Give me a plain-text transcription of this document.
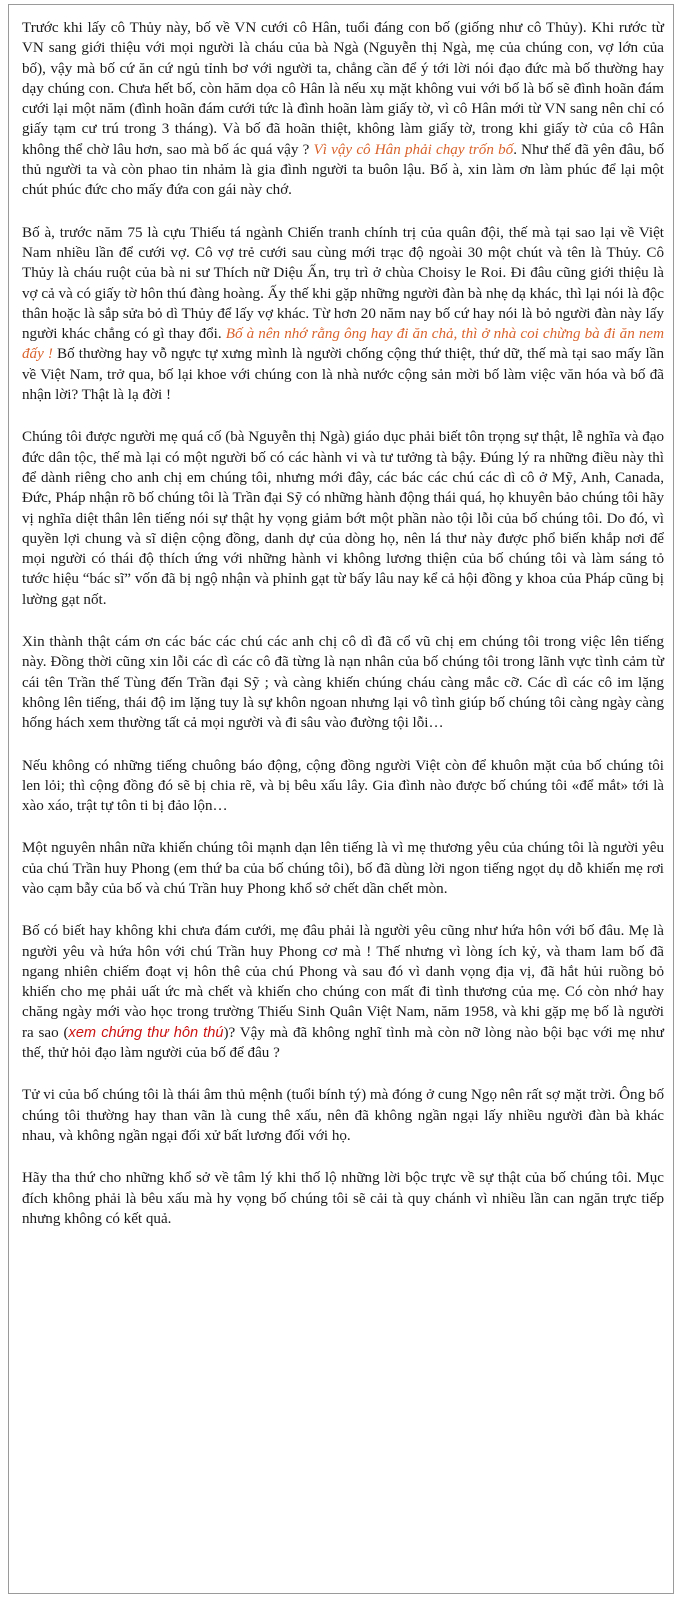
Trước khi lấy cô Thủy này, bố về VN cưới cô Hân, tuổi đáng con bố (giống như cô Thủy). Khi rước từ VN sang giới thiệu với mọi người là cháu của bà Ngà (Nguyễn thị Ngà, mẹ của chúng con, vợ lớn của bố), vậy mà bố cứ ăn cứ ngủ tỉnh bơ với người ta, chẳng cần để ý tới lời nói đạo đức mà bố thường hay dạy chúng con. Chưa hết bố, còn hăm dọa cô Hân là nếu xụ mặt không vui với bố là bố sẽ đình hoãn đám cưới lại một năm (đình hoãn đám cưới tức là đình hoãn làm giấy tờ, vì cô Hân mới từ VN sang nên chỉ có giấy tạm cư trú trong 3 tháng). Và bố đã hoãn thiệt, không làm giấy tờ, trong khi giấy tờ của cô Hân không thể chờ lâu hơn, sao mà bố ác quá vậy ? Vì vậy cô Hân phải chạy trốn bố. Như thế đã yên đâu, bố thủ người ta và còn phao tin nhảm là gia đình người ta buôn lậu. Bố à, xin làm ơn làm phúc để lại một chút phúc đức cho mấy đứa con gái này chớ.

Bố à, trước năm 75 là cựu Thiếu tá ngành Chiến tranh chính trị của quân đội, thế mà tại sao lại về Việt Nam nhiều lần để cưới vợ. Cô vợ trẻ cưới sau cùng mới trạc độ ngoài 30 một chút và tên là Thủy. Cô Thủy là cháu ruột của bà ni sư Thích nữ Diệu Ấn, trụ trì ở chùa Choisy le Roi. Đi đâu cũng giới thiệu là vợ cả và có giấy tờ hôn thú đàng hoàng. Ấy thế khi gặp những người đàn bà nhẹ dạ khác, thì lại nói là độc thân hoặc là sắp sửa bỏ dì Thủy để lấy vợ khác. Từ hơn 20 năm nay bố cứ hay nói là bỏ người đàn này lấy người khác chẳng có gì thay đổi. Bố à nên nhớ rằng ông hay đi ăn chả, thì ở nhà coi chừng bà đi ăn nem đấy ! Bố thường hay vỗ ngực tự xưng mình là người chống cộng thứ thiệt, thứ dữ, thế mà tại sao mấy lần về Việt Nam, trở qua, bố lại khoe với chúng con là nhà nước cộng sản mời bố làm việc văn hóa và bố đã nhận lời? Thật là lạ đời !

Chúng tôi được người mẹ quá cố (bà Nguyễn thị Ngà) giáo dục phải biết tôn trọng sự thật, lễ nghĩa và đạo đức dân tộc, thế mà lại có một người bố có các hành vi và tư tưởng tà bậy. Đúng lý ra những điều này thì để dành riêng cho anh chị em chúng tôi, nhưng mới đây, các bác các chú các dì cô ở Mỹ, Anh, Canada, Đức, Pháp nhận rõ bố chúng tôi là Trần đại Sỹ có những hành động thái quá, họ khuyên bảo chúng tôi hãy vị nghĩa diệt thân lên tiếng nói sự thật hy vọng giảm bớt một phần nào tội lỗi của bố chúng tôi. Do đó, vì quyền lợi chung và sĩ diện cộng đồng, danh dự của dòng họ, nên lá thư này được phổ biến khắp nơi để mọi người có thái độ thích ứng với những hành vi không lương thiện của bố chúng tôi và làm sáng tỏ tước hiệu “bác sĩ” vốn đã bị ngộ nhận và phỉnh gạt từ bấy lâu nay kể cả hội đồng y khoa của Pháp cũng bị lường gạt nốt.

Xin thành thật cám ơn các bác các chú các anh chị cô dì đã cổ vũ chị em chúng tôi trong việc lên tiếng này. Đồng thời cũng xin lỗi các dì các cô đã từng là nạn nhân của bố chúng tôi trong lãnh vực tình cảm từ cái tên Trần thế Tùng đến Trần đại Sỹ ; và càng khiến chúng cháu càng mắc cỡ. Các dì các cô im lặng không lên tiếng, thái độ im lặng tuy là sự khôn ngoan nhưng lại vô tình giúp bố chúng tôi càng ngày càng hống hách xem thường tất cả mọi người và đi sâu vào đường tội lỗi…

Nếu không có những tiếng chuông báo động, cộng đồng người Việt còn để khuôn mặt của bố chúng tôi len lỏi; thì cộng đồng đó sẽ bị chia rẽ, và bị bêu xấu lây. Gia đình nào được bố chúng tôi «để mắt» tới là xào xáo, trật tự tôn ti bị đảo lộn…

Một nguyên nhân nữa khiến chúng tôi mạnh dạn lên tiếng là vì mẹ thương yêu của chúng tôi là người yêu của chú Trần huy Phong (em thứ ba của bố chúng tôi), bố đã dùng lời ngon tiếng ngọt dụ dỗ khiến mẹ rơi vào cạm bẫy của bố và chú Trần huy Phong khổ sở chết dần chết mòn.

Bố có biết hay không khi chưa đám cưới, mẹ đâu phải là người yêu cũng như hứa hôn với bố đâu. Mẹ là người yêu và hứa hôn với chú Trần huy Phong cơ mà ! Thế nhưng vì lòng ích kỷ, và tham lam bố đã ngang nhiên chiếm đoạt vị hôn thê của chú Phong và sau đó vì danh vọng địa vị, đã hắt hủi ruồng bỏ khiến cho mẹ phải uất ức mà chết và khiến cho chúng con mất đi tình thương của mẹ. Có còn nhớ hay chăng ngày mới vào học trong trường Thiếu Sinh Quân Việt Nam, năm 1958, và khi gặp mẹ bố là người ra sao (xem chứng thư hôn thú)? Vậy mà đã không nghĩ tình mà còn nỡ lòng nào bội bạc với mẹ như thế, thử hỏi đạo làm người của bố để đâu ?

Tử vi của bố chúng tôi là thái âm thủ mệnh (tuổi bính tý) mà đóng ở cung Ngọ nên rất sợ mặt trời. Ông bố chúng tôi thường hay than vãn là cung thê xấu, nên đã không ngần ngại lấy nhiều người đàn bà khác nhau, và không ngần ngại đối xử bất lương đối với họ.

Hãy tha thứ cho những khổ sở về tâm lý khi thố lộ những lời bộc trực về sự thật của bố chúng tôi. Mục đích không phải là bêu xấu mà hy vọng bố chúng tôi sẽ cải tà quy chánh vì nhiều lần can ngăn trực tiếp nhưng không có kết quả.
